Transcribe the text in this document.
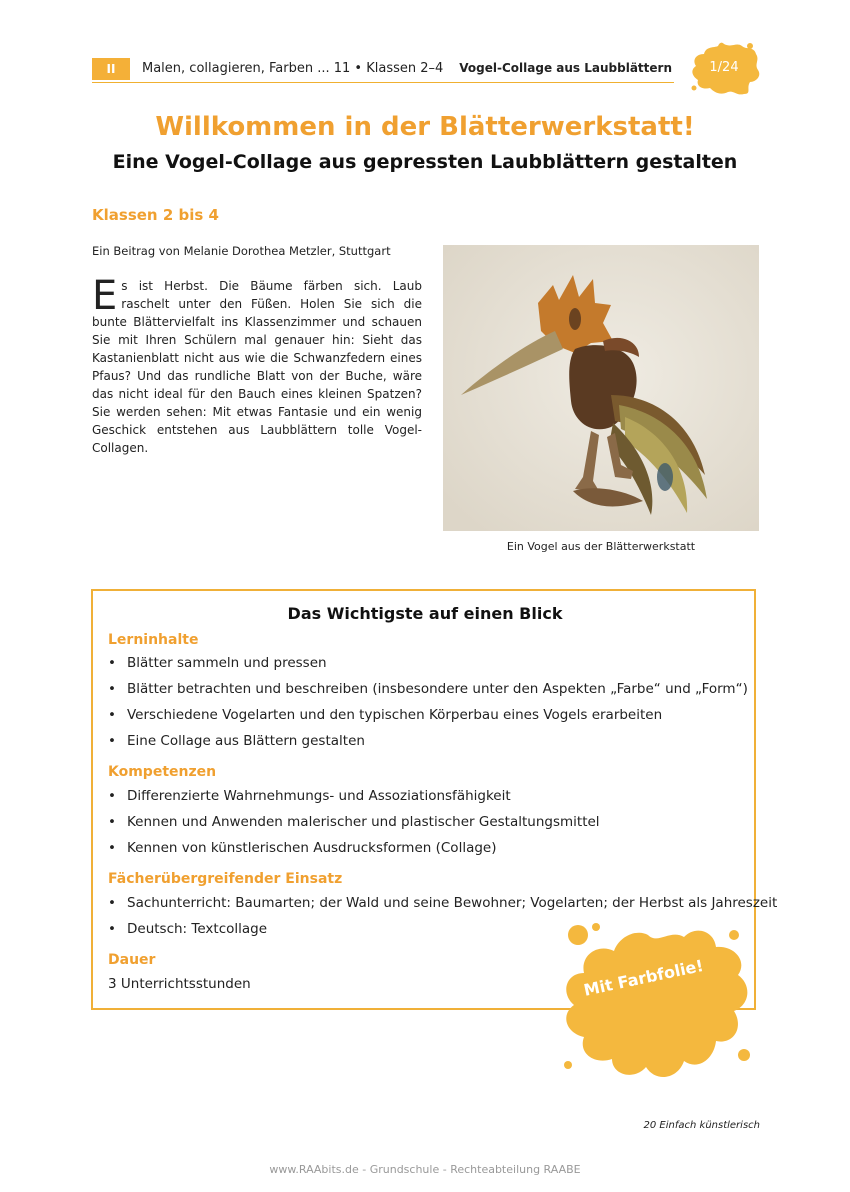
II	Malen, collagieren, Farben ... 11 • Klassen 2–4 Vogel-Collage aus Laubblättern	1/24
Willkommen in der Blätterwerkstatt!
Eine Vogel-Collage aus gepressten Laubblättern gestalten
Klassen 2 bis 4
Ein Beitrag von Melanie Dorothea Metzler, Stuttgart

Es ist Herbst. Die Bäume färben sich. Laub raschelt unter den Füßen. Holen Sie sich die bunte Blättervielfalt ins Klassenzimmer und schauen Sie mit Ihren Schülern mal genauer hin: Sieht das Kastanienblatt nicht aus wie die Schwanzfedern eines Pfaus? Und das rundliche Blatt von der Buche, wäre das nicht ideal für den Bauch eines kleinen Spatzen? Sie werden sehen: Mit etwas Fantasie und ein wenig Geschick entstehen aus Laubblättern tolle Vogel-Collagen.

Ein Vogel aus der Blätterwerkstatt
Das Wichtigste auf einen Blick
Lerninhalte
• Blätter sammeln und pressen
• Blätter betrachten und beschreiben (insbesondere unter den Aspekten „Farbe“ und „Form“)
• Verschiedene Vogelarten und den typischen Körperbau eines Vogels erarbeiten
• Eine Collage aus Blättern gestalten
Kompetenzen
• Differenzierte Wahrnehmungs- und Assoziationsfähigkeit
• Kennen und Anwenden malerischer und plastischer Gestaltungsmittel
• Kennen von künstlerischen Ausdrucksformen (Collage)
Fächerübergreifender Einsatz
• Sachunterricht: Baumarten; der Wald und seine Bewohner; Vogelarten; der Herbst als Jahreszeit
• Deutsch: Textcollage
Dauer
3 Unterrichtsstunden	Mit Farbfolie!
20 Einfach künstlerisch
www.RAAbits.de - Grundschule - Rechteabteilung RAABE
